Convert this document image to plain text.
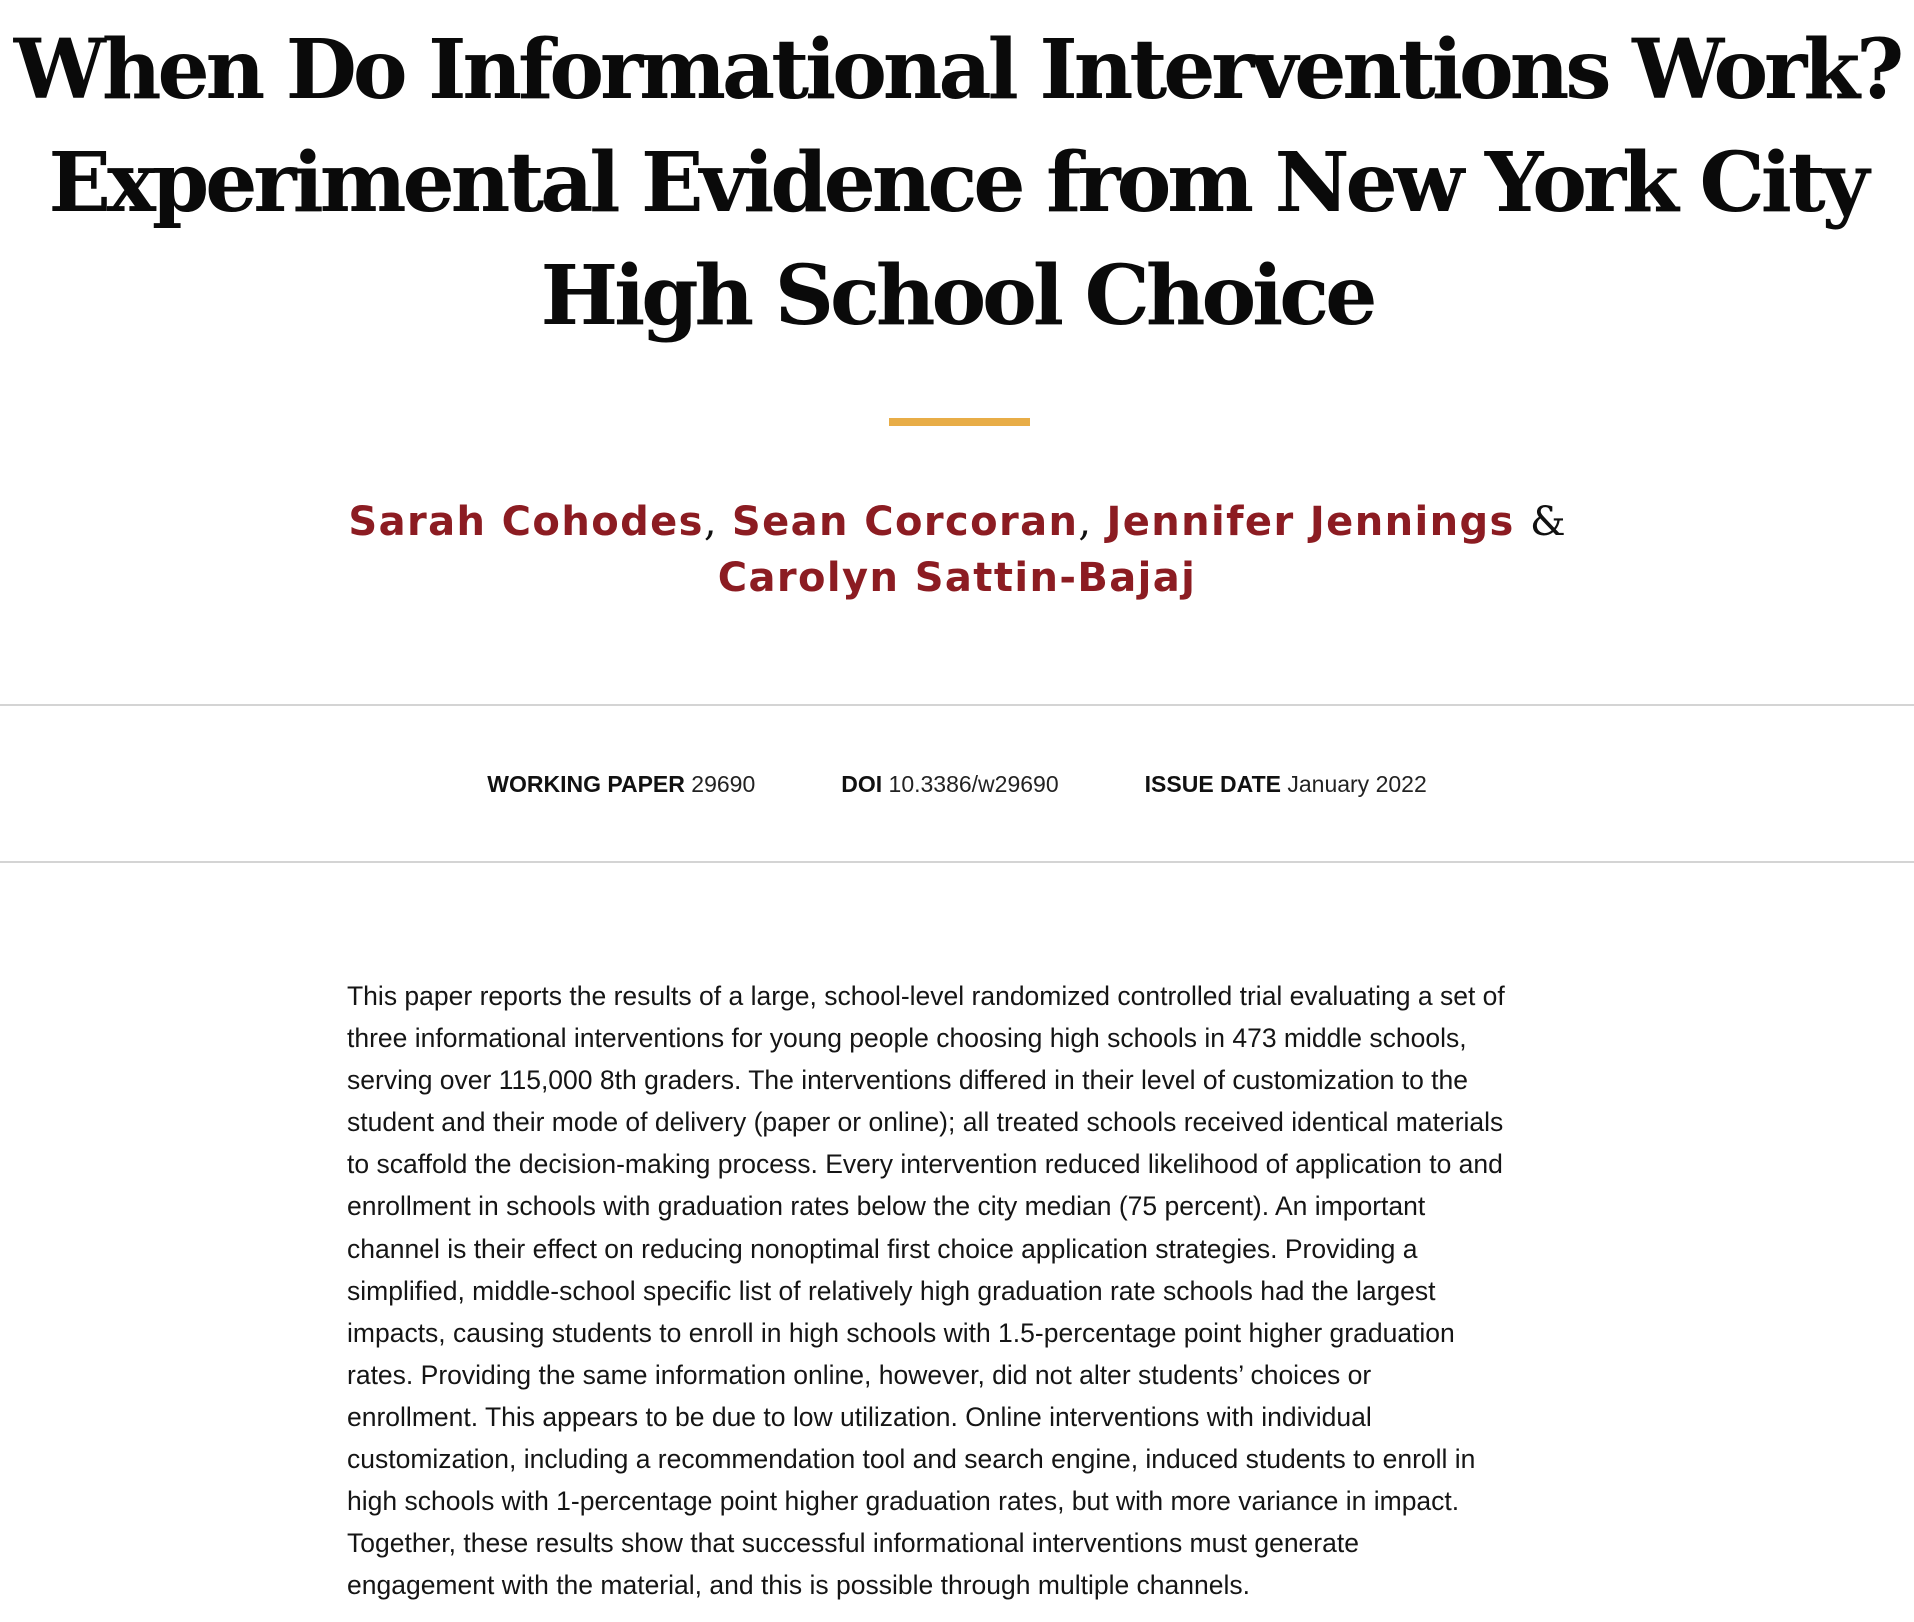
When Do Informational Interventions Work?
Experimental Evidence from New York City
High School Choice
Sarah Cohodes, Sean Corcoran, Jennifer Jennings &
Carolyn Sattin-Bajaj
WORKING PAPER 29690	DOI 10.3386/w29690	ISSUE DATE January 2022
This paper reports the results of a large, school-level randomized controlled trial evaluating a set of
three informational interventions for young people choosing high schools in 473 middle schools,
serving over 115,000 8th graders. The interventions differed in their level of customization to the
student and their mode of delivery (paper or online); all treated schools received identical materials
to scaffold the decision-making process. Every intervention reduced likelihood of application to and
enrollment in schools with graduation rates below the city median (75 percent). An important
channel is their effect on reducing nonoptimal first choice application strategies. Providing a
simplified, middle-school specific list of relatively high graduation rate schools had the largest
impacts, causing students to enroll in high schools with 1.5-percentage point higher graduation
rates. Providing the same information online, however, did not alter students’ choices or
enrollment. This appears to be due to low utilization. Online interventions with individual
customization, including a recommendation tool and search engine, induced students to enroll in
high schools with 1-percentage point higher graduation rates, but with more variance in impact.
Together, these results show that successful informational interventions must generate
engagement with the material, and this is possible through multiple channels.
